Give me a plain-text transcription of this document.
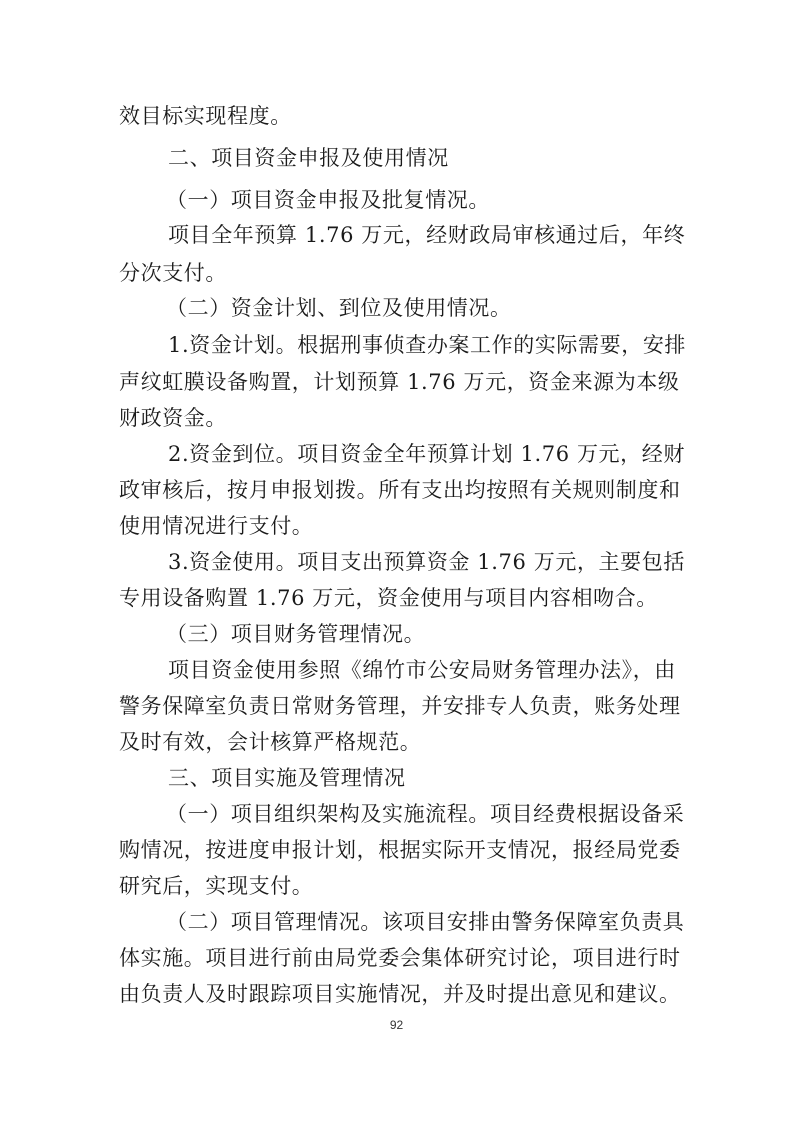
效目标实现程度。
二、项目资金申报及使用情况
（一）项目资金申报及批复情况。
项目全年预算 1.76 万元，经财政局审核通过后，年终
分次支付。
（二）资金计划、到位及使用情况。
1.资金计划。根据刑事侦查办案工作的实际需要，安排
声纹虹膜设备购置，计划预算 1.76 万元，资金来源为本级
财政资金。
2.资金到位。项目资金全年预算计划 1.76 万元，经财
政审核后，按月申报划拨。所有支出均按照有关规则制度和
使用情况进行支付。
3.资金使用。项目支出预算资金 1.76 万元，主要包括
专用设备购置 1.76 万元，资金使用与项目内容相吻合。
（三）项目财务管理情况。
项目资金使用参照《绵竹市公安局财务管理办法》，由
警务保障室负责日常财务管理，并安排专人负责，账务处理
及时有效，会计核算严格规范。
三、项目实施及管理情况
（一）项目组织架构及实施流程。项目经费根据设备采
购情况，按进度申报计划，根据实际开支情况，报经局党委
研究后，实现支付。
（二）项目管理情况。该项目安排由警务保障室负责具
体实施。项目进行前由局党委会集体研究讨论，项目进行时
由负责人及时跟踪项目实施情况，并及时提出意见和建议。
92
